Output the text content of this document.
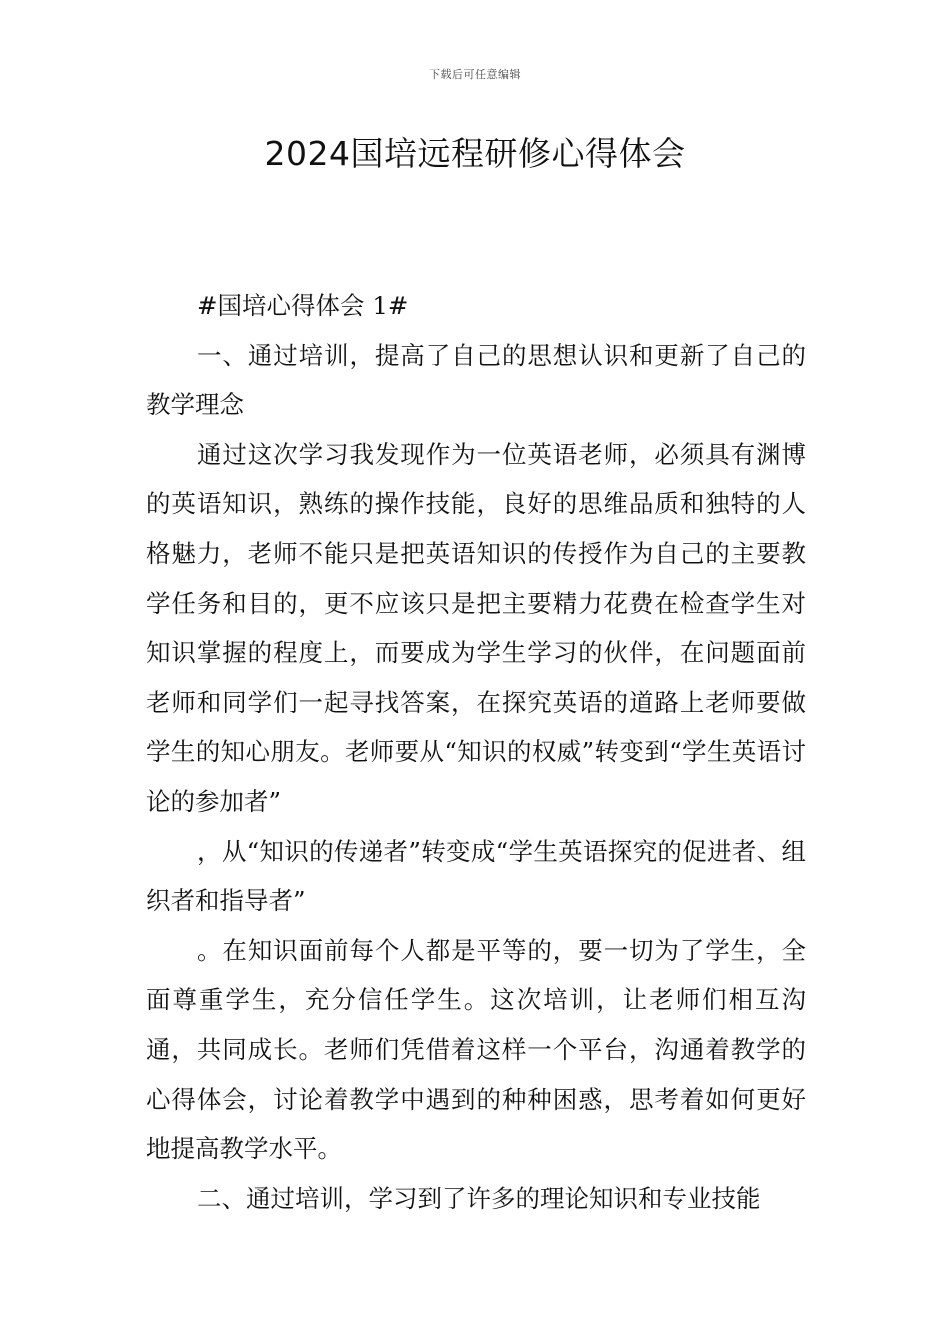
下载后可任意编辑
2024国培远程研修心得体会

#国培心得体会 1#

一、通过培训，提高了自己的思想认识和更新了自己的教学理念

通过这次学习我发现作为一位英语老师，必须具有渊博的英语知识，熟练的操作技能，良好的思维品质和独特的人格魅力，老师不能只是把英语知识的传授作为自己的主要教学任务和目的，更不应该只是把主要精力花费在检查学生对知识掌握的程度上，而要成为学生学习的伙伴，在问题面前老师和同学们一起寻找答案，在探究英语的道路上老师要做学生的知心朋友。老师要从“知识的权威”转变到“学生英语讨论的参加者”

，从“知识的传递者”转变成“学生英语探究的促进者、组织者和指导者”

。在知识面前每个人都是平等的，要一切为了学生，全面尊重学生，充分信任学生。这次培训，让老师们相互沟通，共同成长。老师们凭借着这样一个平台，沟通着教学的心得体会，讨论着教学中遇到的种种困惑，思考着如何更好地提高教学水平。

二、通过培训，学习到了许多的理论知识和专业技能
